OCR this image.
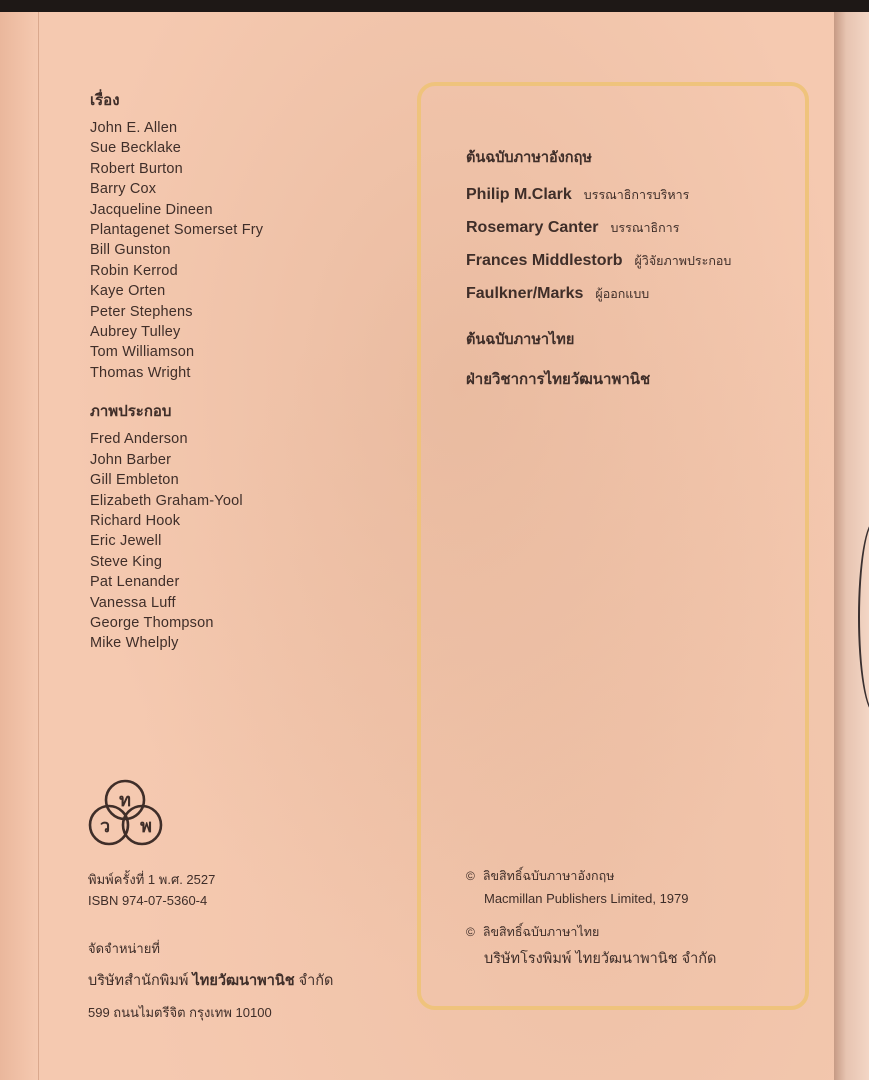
เรื่อง
John E. Allen
Sue Becklake
Robert Burton
Barry Cox
Jacqueline Dineen
Plantagenet Somerset Fry
Bill Gunston
Robin Kerrod
Kaye Orten
Peter Stephens
Aubrey Tulley
Tom Williamson
Thomas Wright
ภาพประกอบ
Fred Anderson
John Barber
Gill Embleton
Elizabeth Graham-Yool
Richard Hook
Eric Jewell
Steve King
Pat Lenander
Vanessa Luff
George Thompson
Mike Whelply
ต้นฉบับภาษาอังกฤษ
Philip M.Clark บรรณาธิการบริหาร
Rosemary Canter บรรณาธิการ
Frances Middlestorb ผู้วิจัยภาพประกอบ
Faulkner/Marks ผู้ออกแบบ
ต้นฉบับภาษาไทย
ฝ่ายวิชาการไทยวัฒนาพานิช
ท
ว พ
พิมพ์ครั้งที่ 1 พ.ศ. 2527
ISBN 974-07-5360-4
จัดจำหน่ายที่
บริษัทสำนักพิมพ์ ไทยวัฒนาพานิช จำกัด
599 ถนนไมตรีจิต กรุงเทพ 10100
© ลิขสิทธิ์ฉบับภาษาอังกฤษ
Macmillan Publishers Limited, 1979
© ลิขสิทธิ์ฉบับภาษาไทย
บริษัทโรงพิมพ์ ไทยวัฒนาพานิช จำกัด
